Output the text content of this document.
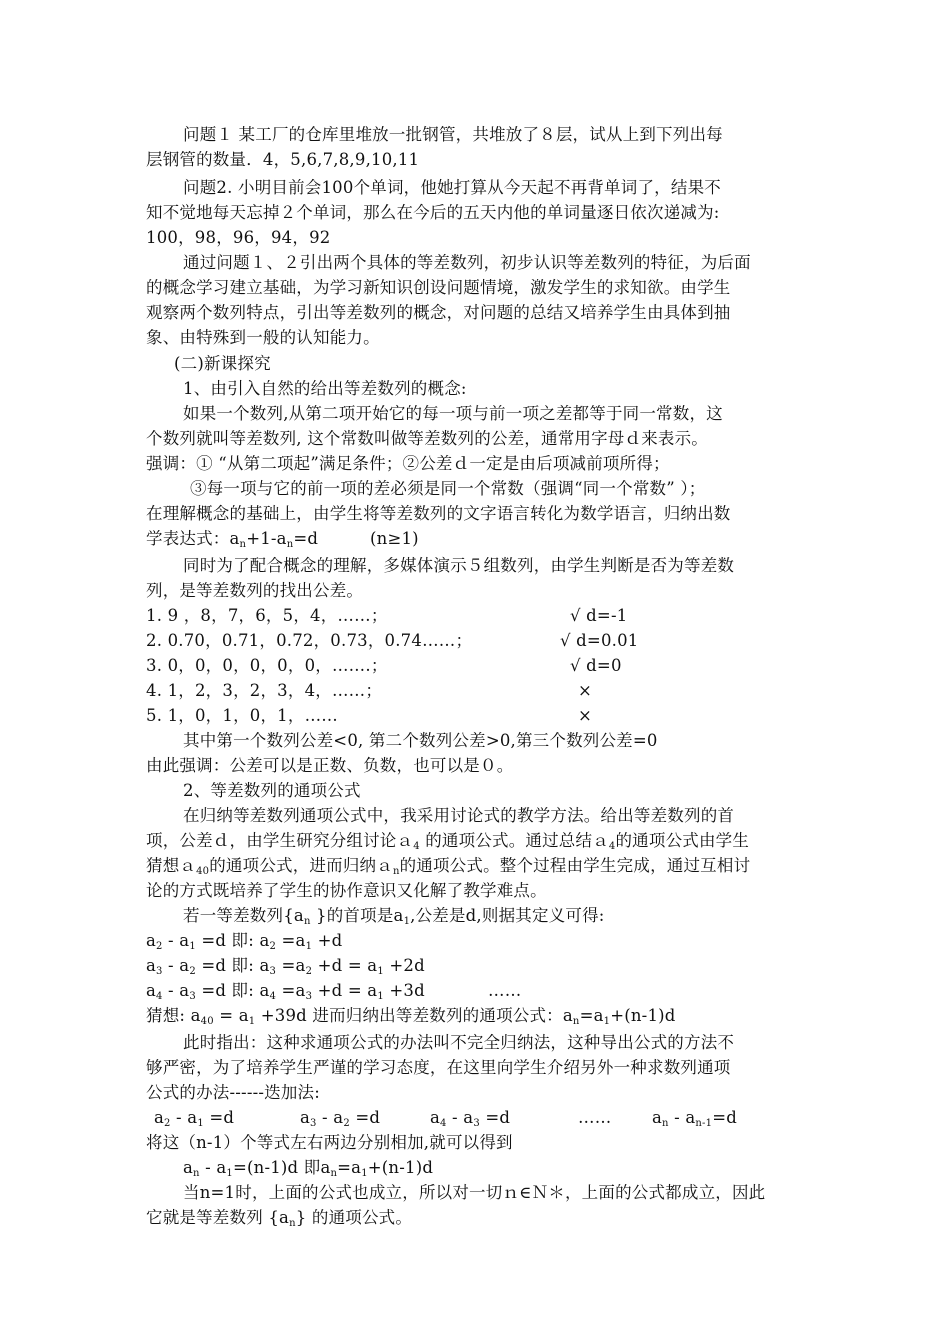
问题１ 某工厂的仓库里堆放一批钢管，共堆放了８层，试从上到下列出每
层钢管的数量．4，5,6,7,8,9,10,11
问题2. 小明目前会100个单词，他她打算从今天起不再背单词了，结果不
知不觉地每天忘掉２个单词，那么在今后的五天内他的单词量逐日依次递减为:
100，98，96，94，92
通过问题１、２引出两个具体的等差数列，初步认识等差数列的特征，为后面
的概念学习建立基础，为学习新知识创设问题情境，激发学生的求知欲。由学生
观察两个数列特点，引出等差数列的概念，对问题的总结又培养学生由具体到抽
象、由特殊到一般的认知能力。
(二)新课探究
1、由引入自然的给出等差数列的概念:
如果一个数列,从第二项开始它的每一项与前一项之差都等于同一常数，这
个数列就叫等差数列, 这个常数叫做等差数列的公差，通常用字母ｄ来表示。
强调：① “从第二项起”满足条件；②公差ｄ一定是由后项减前项所得；
③每一项与它的前一项的差必须是同一个常数（强调“同一个常数” ）；
在理解概念的基础上，由学生将等差数列的文字语言转化为数学语言，归纳出数
学表达式：$a_n+1-a_n=d$	(n≥1)
同时为了配合概念的理解，多媒体演示５组数列，由学生判断是否为等差数
列，是等差数列的找出公差。
1. 9 ，8，7，6，5，4，……；	√ d=-1
2. 0.70，0.71，0.72，0.73，0.74……；	√ d=0.01
3. 0，0，0，0，0，0，…….；	√ d=0
4. 1，2，3，2，3，4，……；	×
5. 1，0，1，0，1，……	×
其中第一个数列公差<0, 第二个数列公差>0,第三个数列公差=0
由此强调：公差可以是正数、负数，也可以是０。
2、等差数列的通项公式
在归纳等差数列通项公式中，我采用讨论式的教学方法。给出等差数列的首
项，公差ｄ，由学生研究分组讨论ａ$_4$ 的通项公式。通过总结ａ$_4$的通项公式由学生
猜想ａ$_{40}$的通项公式，进而归纳ａ$_n$的通项公式。整个过程由学生完成，通过互相讨
论的方式既培养了学生的协作意识又化解了教学难点。
若一等差数列{$a_n$ }的首项是$a_1$,公差是d,则据其定义可得:
$a_2 - a_1 =d$ 即: $a_2 =a_1 +d$
$a_3 - a_2 =d$ 即: $a_3 =a_2 +d = a_1 +2d$
$a_4 - a_3 =d$ 即: $a_4 =a_3 +d = a_1 +3d$	……
猜想: $a_{40} = a_1 +39d$ 进而归纳出等差数列的通项公式：$a_n=a_1+(n-1)d$
此时指出：这种求通项公式的办法叫不完全归纳法，这种导出公式的方法不
够严密，为了培养学生严谨的学习态度，在这里向学生介绍另外一种求数列通项
公式的办法------迭加法:
$a_2 - a_1 =d$	$a_3 - a_2 =d$	$a_4 - a_3 =d$	…… $a_n - a_{n-1}=d$
将这（n-1）个等式左右两边分别相加,就可以得到
$a_n - a_1=(n-1)d$ 即$a_n=a_1+(n-1)d$
当n=1时，上面的公式也成立，所以对一切ｎ∈Ｎ＊，上面的公式都成立，因此
它就是等差数列 $\{a_n\}$ 的通项公式。
